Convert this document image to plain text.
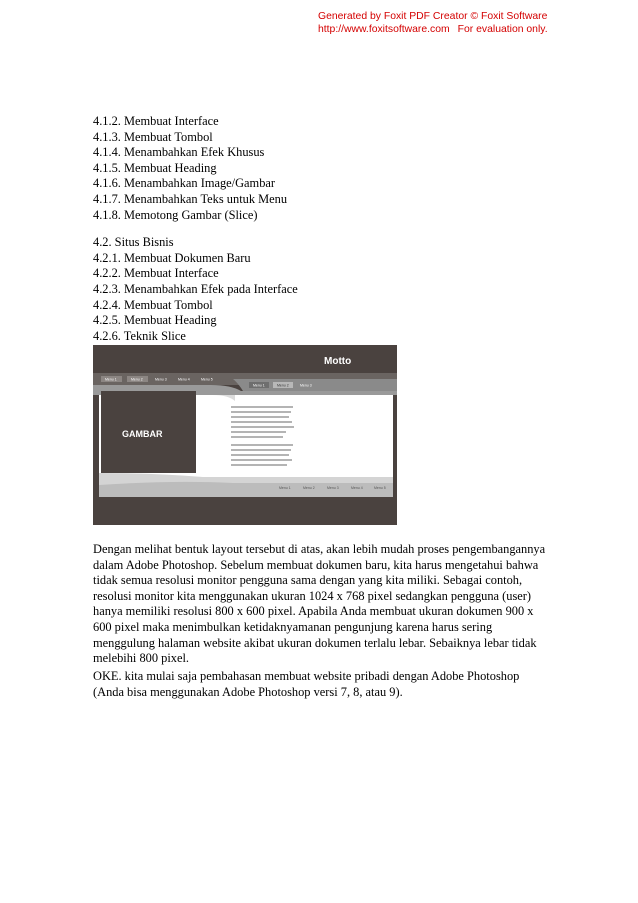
Generated by Foxit PDF Creator © Foxit Software
http://www.foxitsoftware.com For evaluation only.
4.1.2. Membuat Interface
4.1.3. Membuat Tombol
4.1.4. Menambahkan Efek Khusus
4.1.5. Membuat Heading
4.1.6. Menambahkan Image/Gambar
4.1.7. Menambahkan Teks untuk Menu
4.1.8. Memotong Gambar (Slice)
4.2. Situs Bisnis
4.2.1. Membuat Dokumen Baru
4.2.2. Membuat Interface
4.2.3. Menambahkan Efek pada Interface
4.2.4. Membuat Tombol
4.2.5. Membuat Heading
4.2.6. Teknik Slice
Motto
Menu 1	Menu 2	Menu 3	Menu 4	Menu 5
Menu 1	Menu 2	Menu 3
GAMBAR
Menu 1	Menu 2	Menu 3	Menu 4	Menu 5

Dengan melihat bentuk layout tersebut di atas, akan lebih mudah proses pengembangannya dalam Adobe Photoshop. Sebelum membuat dokumen baru, kita harus mengetahui bahwa tidak semua resolusi monitor pengguna sama dengan yang kita miliki. Sebagai contoh, resolusi monitor kita menggunakan ukuran 1024 x 768 pixel sedangkan pengguna (user) hanya memiliki resolusi 800 x 600 pixel. Apabila Anda membuat ukuran dokumen 900 x 600 pixel maka menimbulkan ketidaknyamanan pengunjung karena harus sering menggulung halaman website akibat ukuran dokumen terlalu lebar. Sebaiknya lebar tidak melebihi 800 pixel.

OKE. kita mulai saja pembahasan membuat website pribadi dengan Adobe Photoshop (Anda bisa menggunakan Adobe Photoshop versi 7, 8, atau 9).
